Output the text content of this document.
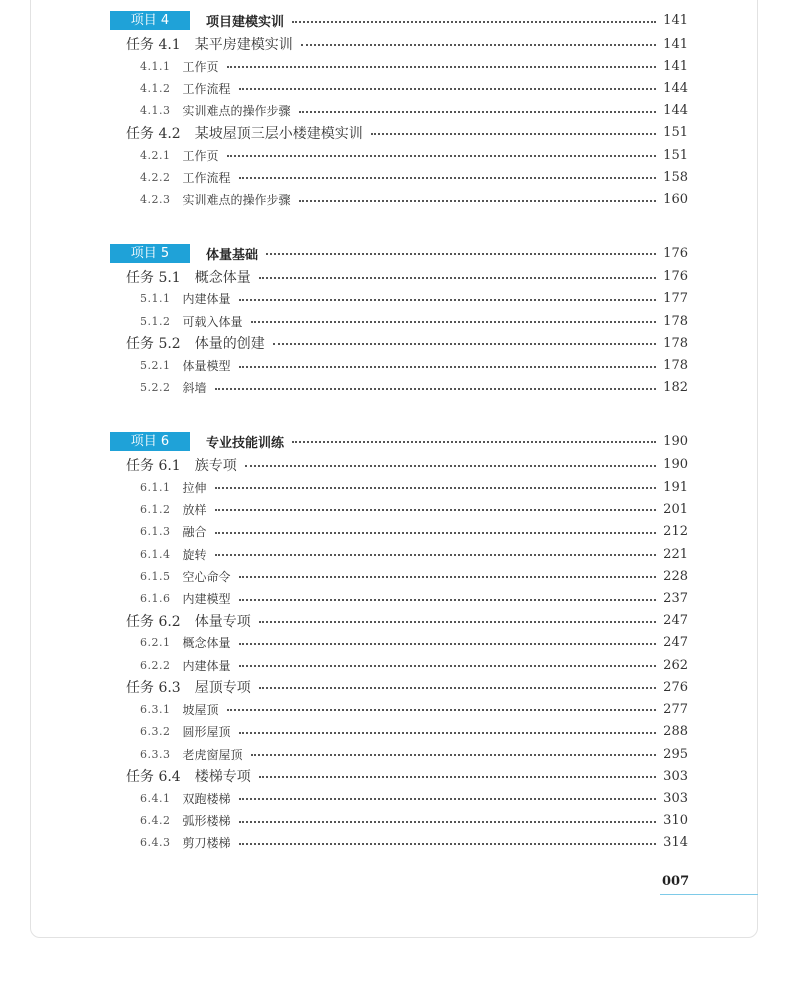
项目 4	项目建模实训	141
任务 4.1 某平房建模实训	141
4.1.1 工作页	141
4.1.2 工作流程	144
4.1.3 实训难点的操作步骤	144
任务 4.2 某坡屋顶三层小楼建模实训	151
4.2.1 工作页	151
4.2.2 工作流程	158
4.2.3 实训难点的操作步骤	160
项目 5	体量基础	176
任务 5.1 概念体量	176
5.1.1 内建体量	177
5.1.2 可载入体量	178
任务 5.2 体量的创建	178
5.2.1 体量模型	178
5.2.2 斜墙	182
项目 6	专业技能训练	190
任务 6.1 族专项	190
6.1.1 拉伸	191
6.1.2 放样	201
6.1.3 融合	212
6.1.4 旋转	221
6.1.5 空心命令	228
6.1.6 内建模型	237
任务 6.2 体量专项	247
6.2.1 概念体量	247
6.2.2 内建体量	262
任务 6.3 屋顶专项	276
6.3.1 坡屋顶	277
6.3.2 圆形屋顶	288
6.3.3 老虎窗屋顶	295
任务 6.4 楼梯专项	303
6.4.1 双跑楼梯	303
6.4.2 弧形楼梯	310
6.4.3 剪刀楼梯	314
007
